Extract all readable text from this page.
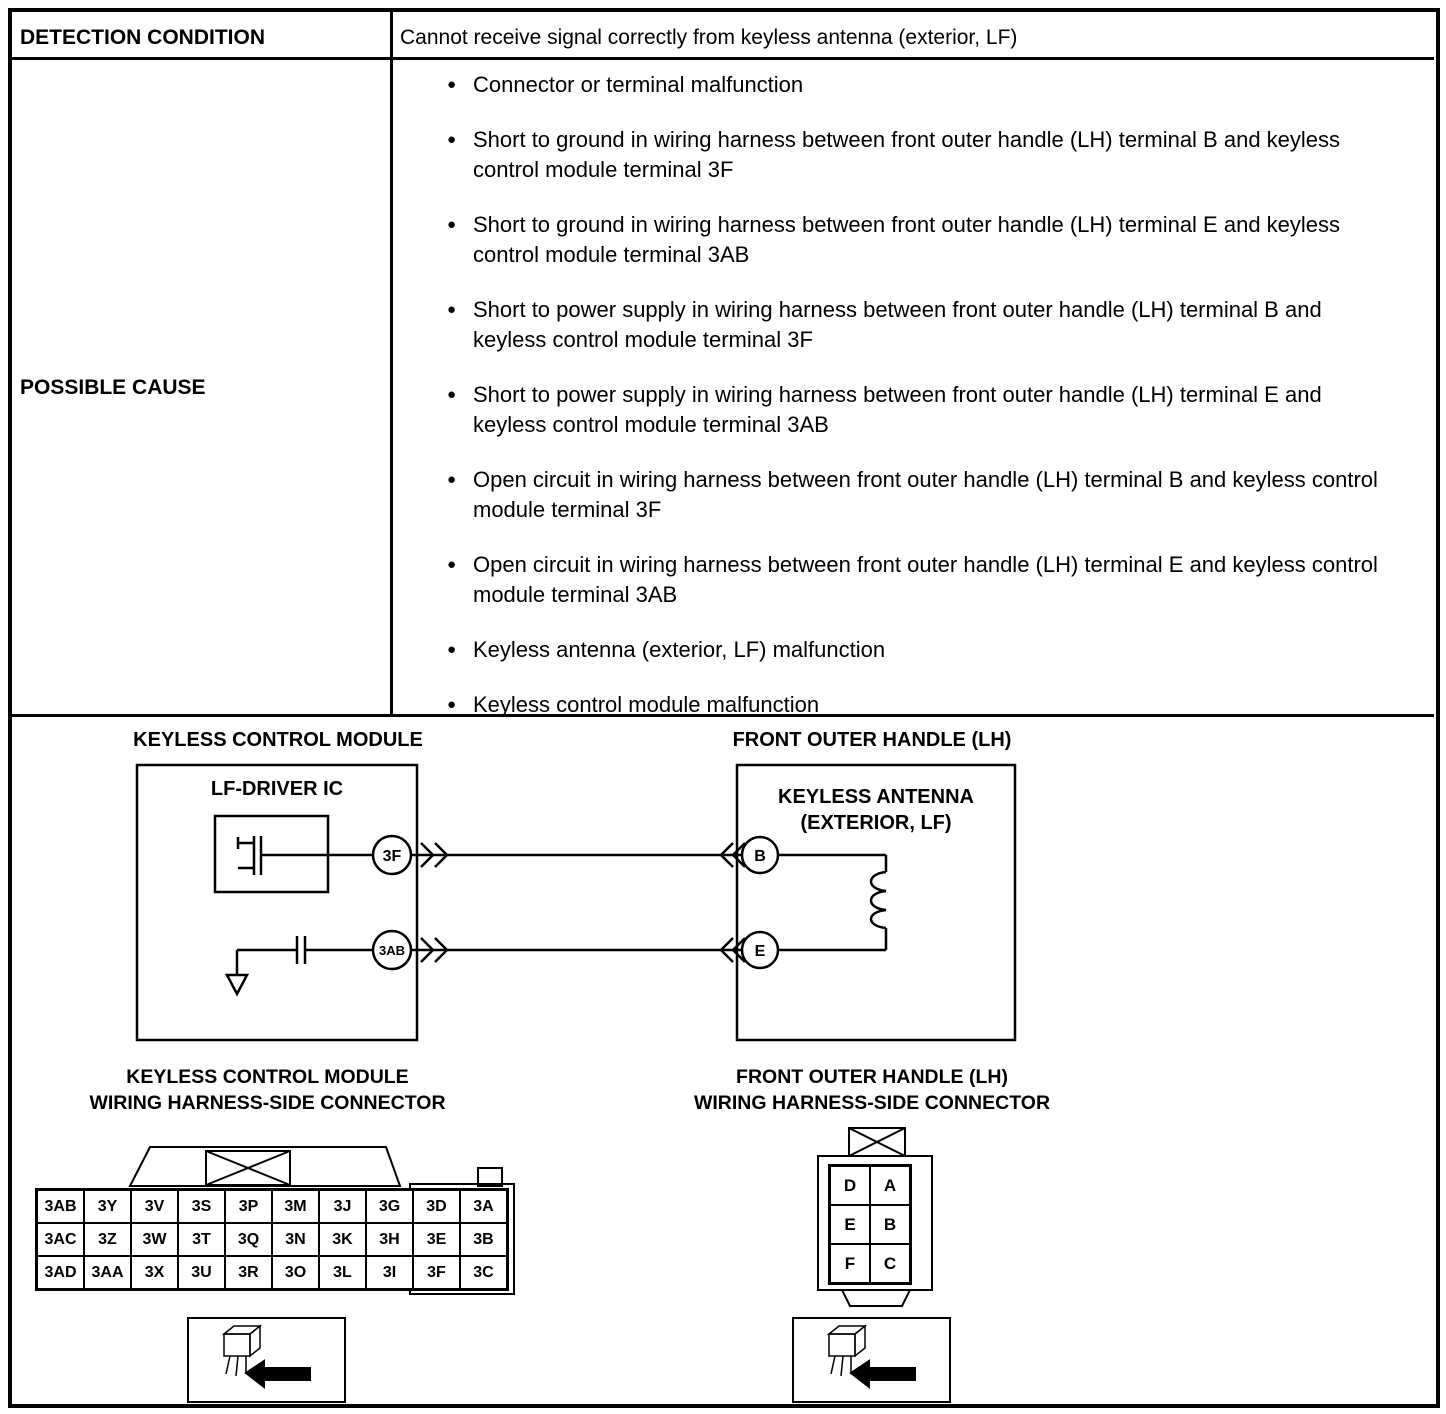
DETECTION CONDITION	Cannot receive signal correctly from keyless antenna (exterior, LF)
POSSIBLE CAUSE
● Connector or terminal malfunction
● Short to ground in wiring harness between front outer handle (LH) terminal B and keyless control module terminal 3F
● Short to ground in wiring harness between front outer handle (LH) terminal E and keyless control module terminal 3AB
● Short to power supply in wiring harness between front outer handle (LH) terminal B and keyless control module terminal 3F
● Short to power supply in wiring harness between front outer handle (LH) terminal E and keyless control module terminal 3AB
● Open circuit in wiring harness between front outer handle (LH) terminal B and keyless control module terminal 3F
● Open circuit in wiring harness between front outer handle (LH) terminal E and keyless control module terminal 3AB
● Keyless antenna (exterior, LF) malfunction
● Keyless control module malfunction
KEYLESS CONTROL MODULE	FRONT OUTER HANDLE (LH)
LF-DRIVER IC	KEYLESS ANTENNA
(EXTERIOR, LF)
3F
3AB
B
E
KEYLESS CONTROL MODULE
WIRING HARNESS-SIDE CONNECTOR
FRONT OUTER HANDLE (LH)
WIRING HARNESS-SIDE CONNECTOR
3AB	3Y	3V	3S	3P	3M	3J	3G	3D	3A
3AC	3Z	3W	3T	3Q	3N	3K	3H	3E	3B
3AD 3AA	3X	3U	3R	3O	3L	3I	3F	3C
D	A
E	B
F	C
